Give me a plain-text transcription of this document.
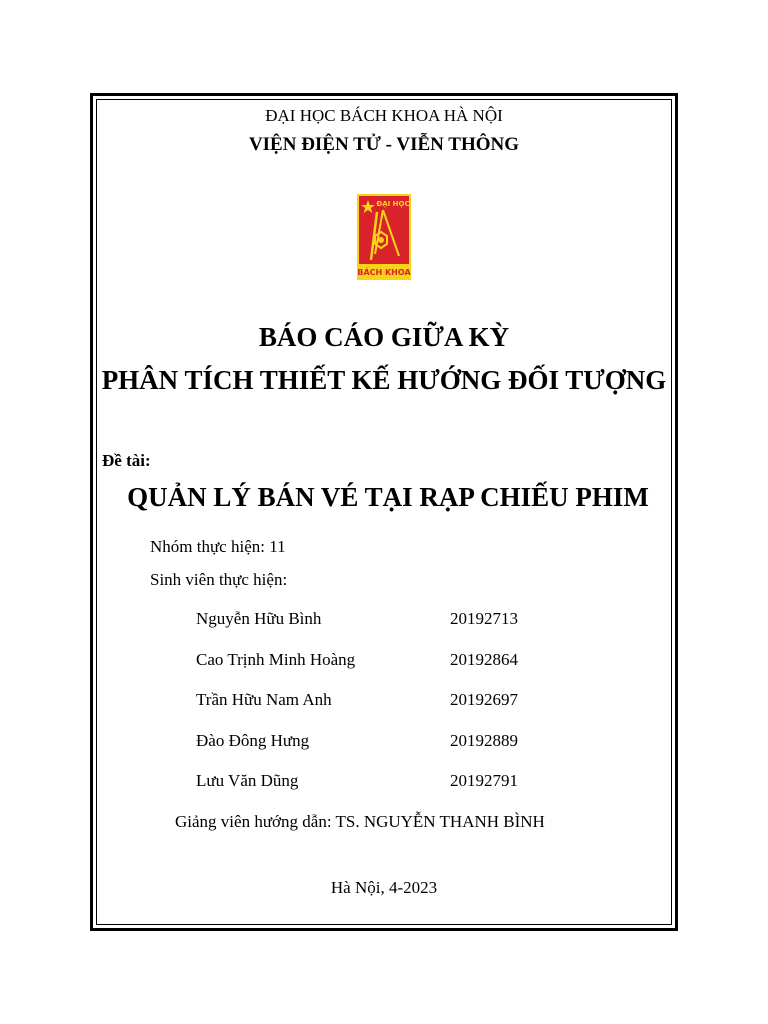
ĐẠI HỌC BÁCH KHOA HÀ NỘI
VIỆN ĐIỆN TỬ - VIỄN THÔNG
ĐẠI HỌC
BÁCH KHOA
BÁO CÁO GIỮA KỲ
PHÂN TÍCH THIẾT KẾ HƯỚNG ĐỐI TƯỢNG
Đề tài:
QUẢN LÝ BÁN VÉ TẠI RẠP CHIẾU PHIM
Nhóm thực hiện: 11
Sinh viên thực hiện:
Nguyễn Hữu Bình	20192713
Cao Trịnh Minh Hoàng	20192864
Trần Hữu Nam Anh	20192697
Đào Đông Hưng	20192889
Lưu Văn Dũng	20192791
Giảng viên hướng dẫn: TS. NGUYỄN THANH BÌNH
Hà Nội, 4-2023
